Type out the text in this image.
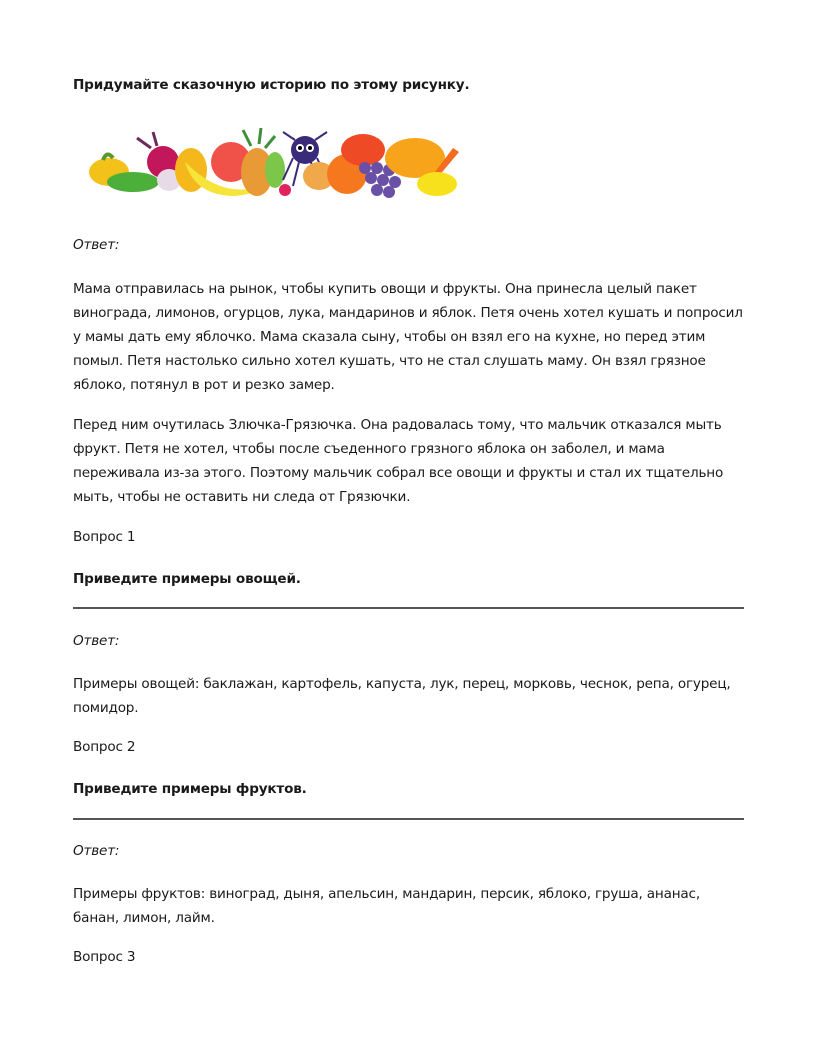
Придумайте сказочную историю по этому рисунку.

Ответ:

Мама отправилась на рынок, чтобы купить овощи и фрукты. Она принесла целый пакет винограда, лимонов, огурцов, лука, мандаринов и яблок. Петя очень хотел кушать и попросил у мамы дать ему яблочко. Мама сказала сыну, чтобы он взял его на кухне, но перед этим помыл. Петя настолько сильно хотел кушать, что не стал слушать маму. Он взял грязное яблоко, потянул в рот и резко замер.

Перед ним очутилась Злючка-Грязючка. Она радовалась тому, что мальчик отказался мыть фрукт. Петя не хотел, чтобы после съеденного грязного яблока он заболел, и мама переживала из-за этого. Поэтому мальчик собрал все овощи и фрукты и стал их тщательно мыть, чтобы не оставить ни следа от Грязючки.

Вопрос 1

Приведите примеры овощей.

Ответ:

Примеры овощей: баклажан, картофель, капуста, лук, перец, морковь, чеснок, репа, огурец, помидор.

Вопрос 2

Приведите примеры фруктов.

Ответ:

Примеры фруктов: виноград, дыня, апельсин, мандарин, персик, яблоко, груша, ананас, банан, лимон, лайм.

Вопрос 3
